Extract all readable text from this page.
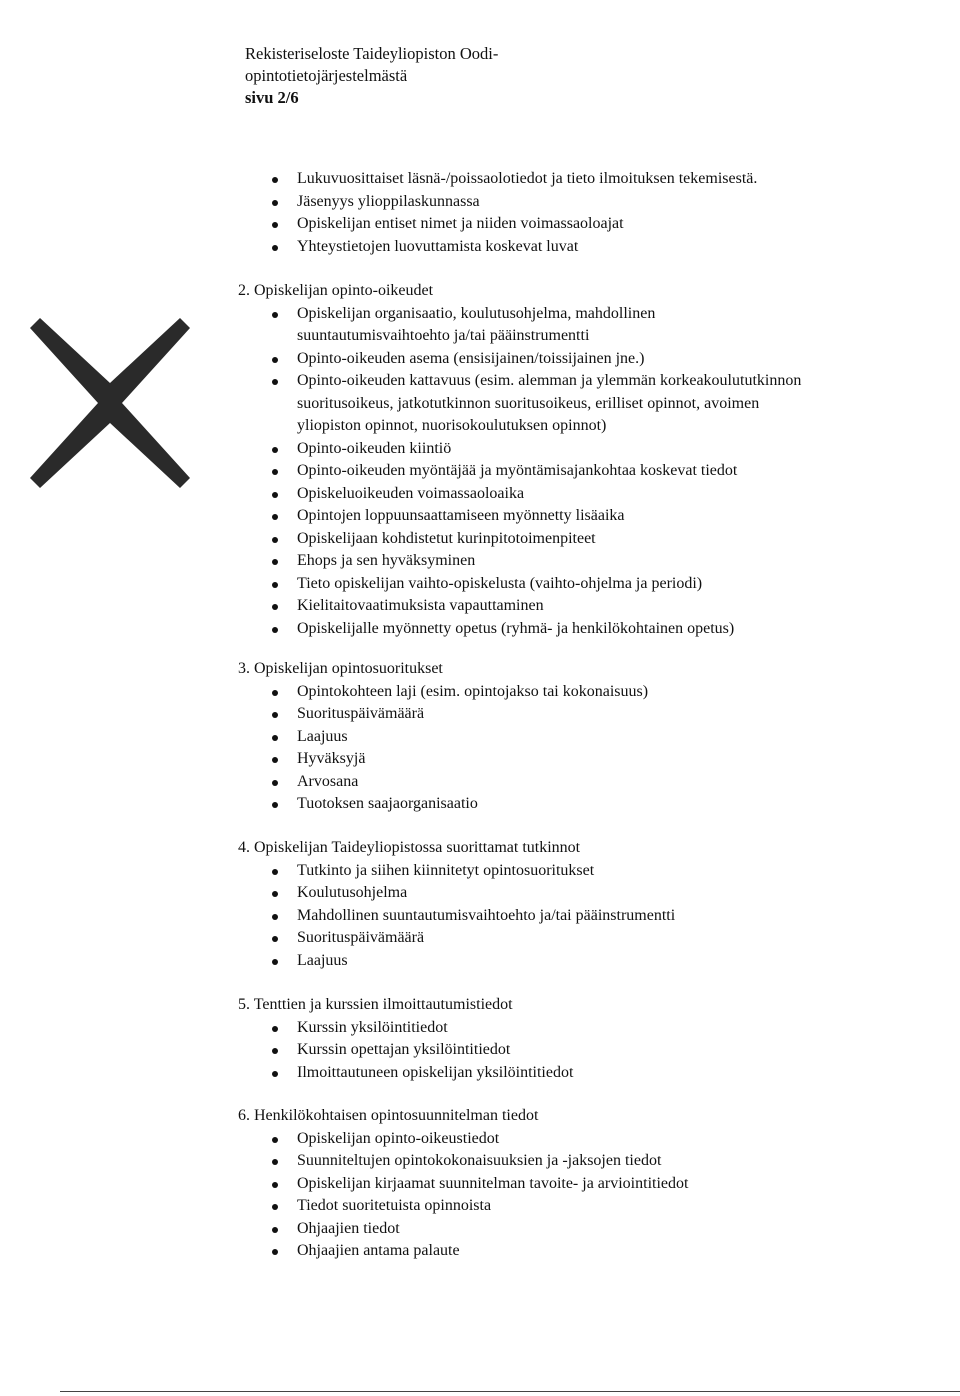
Rekisteriseloste Taideyliopiston Oodi-
opintotietojärjestelmästä
sivu 2/6
Lukuvuosittaiset läsnä-/poissaolotiedot ja tieto ilmoituksen tekemisestä.
Jäsenyys ylioppilaskunnassa
Opiskelijan entiset nimet ja niiden voimassaoloajat
Yhteystietojen luovuttamista koskevat luvat
2. Opiskelijan opinto-oikeudet
Opiskelijan organisaatio, koulutusohjelma, mahdollinen
suuntautumisvaihtoehto ja/tai pääinstrumentti
Opinto-oikeuden asema (ensisijainen/toissijainen jne.)
Opinto-oikeuden kattavuus (esim. alemman ja ylemmän korkeakoulututkinnon
suoritusoikeus, jatkotutkinnon suoritusoikeus, erilliset opinnot, avoimen
yliopiston opinnot, nuorisokoulutuksen opinnot)
Opinto-oikeuden kiintiö
Opinto-oikeuden myöntäjää ja myöntämisajankohtaa koskevat tiedot
Opiskeluoikeuden voimassaoloaika
Opintojen loppuunsaattamiseen myönnetty lisäaika
Opiskelijaan kohdistetut kurinpitotoimenpiteet
Ehops ja sen hyväksyminen
Tieto opiskelijan vaihto-opiskelusta (vaihto-ohjelma ja periodi)
Kielitaitovaatimuksista vapauttaminen
Opiskelijalle myönnetty opetus (ryhmä- ja henkilökohtainen opetus)
3. Opiskelijan opintosuoritukset
Opintokohteen laji (esim. opintojakso tai kokonaisuus)
Suorituspäivämäärä
Laajuus
Hyväksyjä
Arvosana
Tuotoksen saajaorganisaatio
4. Opiskelijan Taideyliopistossa suorittamat tutkinnot
Tutkinto ja siihen kiinnitetyt opintosuoritukset
Koulutusohjelma
Mahdollinen suuntautumisvaihtoehto ja/tai pääinstrumentti
Suorituspäivämäärä
Laajuus
5. Tenttien ja kurssien ilmoittautumistiedot
Kurssin yksilöintitiedot
Kurssin opettajan yksilöintitiedot
Ilmoittautuneen opiskelijan yksilöintitiedot
6. Henkilökohtaisen opintosuunnitelman tiedot
Opiskelijan opinto-oikeustiedot
Suunniteltujen opintokokonaisuuksien ja -jaksojen tiedot
Opiskelijan kirjaamat suunnitelman tavoite- ja arviointitiedot
Tiedot suoritetuista opinnoista
Ohjaajien tiedot
Ohjaajien antama palaute
